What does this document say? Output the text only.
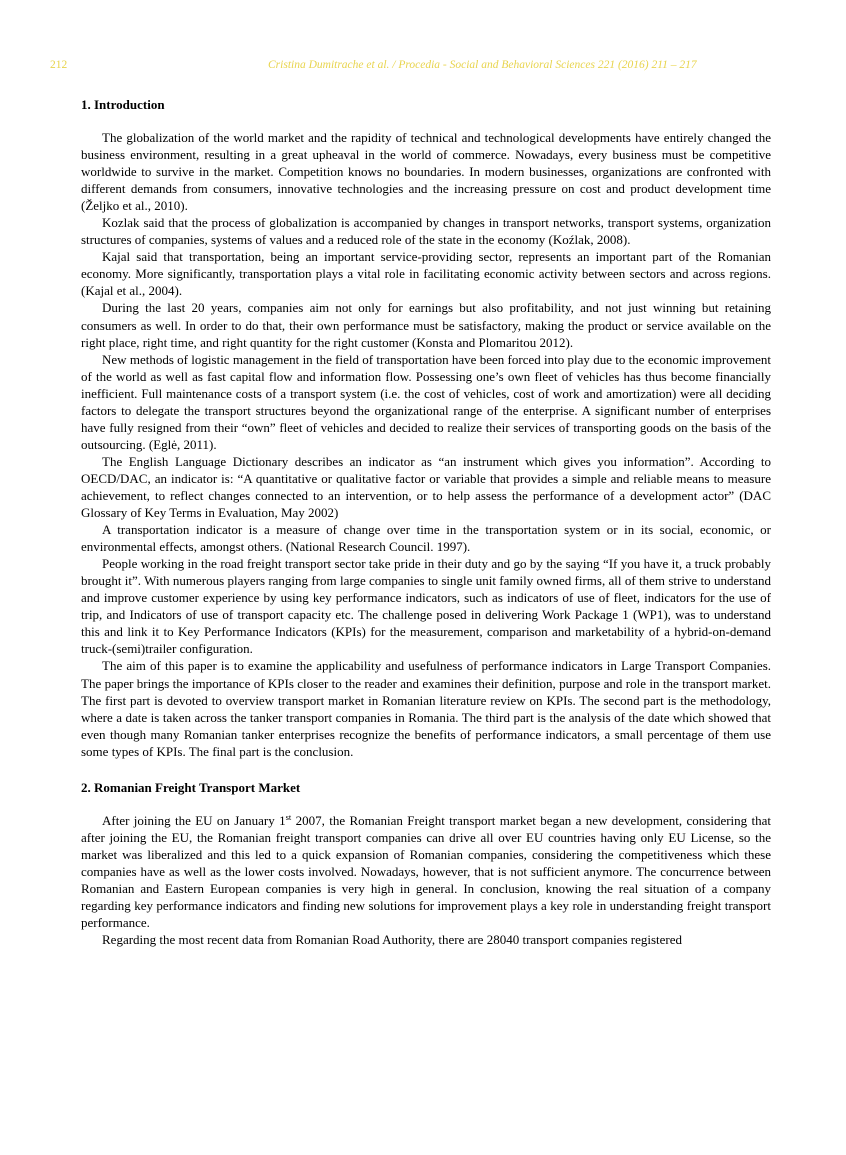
212	Cristina Dumitrache et al. / Procedia - Social and Behavioral Sciences 221 (2016) 211 – 217
1. Introduction

The globalization of the world market and the rapidity of technical and technological developments have entirely changed the business environment, resulting in a great upheaval in the world of commerce. Nowadays, every business must be competitive worldwide to survive in the market. Competition knows no boundaries. In modern businesses, organizations are confronted with different demands from consumers, innovative technologies and the increasing pressure on cost and product development time (Željko et al., 2010).

Kozlak said that the process of globalization is accompanied by changes in transport networks, transport systems, organization structures of companies, systems of values and a reduced role of the state in the economy (Koźlak, 2008).

Kajal said that transportation, being an important service-providing sector, represents an important part of the Romanian economy. More significantly, transportation plays a vital role in facilitating economic activity between sectors and across regions. (Kajal et al., 2004).

During the last 20 years, companies aim not only for earnings but also profitability, and not just winning but retaining consumers as well. In order to do that, their own performance must be satisfactory, making the product or service available on the right place, right time, and right quantity for the right customer (Konsta and Plomaritou 2012).

New methods of logistic management in the field of transportation have been forced into play due to the economic improvement of the world as well as fast capital flow and information flow. Possessing one’s own fleet of vehicles has thus become financially inefficient. Full maintenance costs of a transport system (i.e. the cost of vehicles, cost of work and amortization) were all deciding factors to delegate the transport structures beyond the organizational range of the enterprise. A significant number of enterprises have fully resigned from their “own” fleet of vehicles and decided to realize their services of transporting goods on the basis of the outsourcing. (Eglė, 2011).

The English Language Dictionary describes an indicator as “an instrument which gives you information”. According to OECD/DAC, an indicator is: “A quantitative or qualitative factor or variable that provides a simple and reliable means to measure achievement, to reflect changes connected to an intervention, or to help assess the performance of a development actor” (DAC Glossary of Key Terms in Evaluation, May 2002)

A transportation indicator is a measure of change over time in the transportation system or in its social, economic, or environmental effects, amongst others. (National Research Council. 1997).

People working in the road freight transport sector take pride in their duty and go by the saying “If you have it, a truck probably brought it”. With numerous players ranging from large companies to single unit family owned firms, all of them strive to understand and improve customer experience by using key performance indicators, such as indicators of use of fleet, indicators for the use of trip, and Indicators of use of transport capacity etc. The challenge posed in delivering Work Package 1 (WP1), was to understand this and link it to Key Performance Indicators (KPIs) for the measurement, comparison and marketability of a hybrid-on-demand truck-(semi)trailer configuration.

The aim of this paper is to examine the applicability and usefulness of performance indicators in Large Transport Companies. The paper brings the importance of KPIs closer to the reader and examines their definition, purpose and role in the transport market. The first part is devoted to overview transport market in Romanian literature review on KPIs. The second part is the methodology, where a date is taken across the tanker transport companies in Romania. The third part is the analysis of the date which showed that even though many Romanian tanker enterprises recognize the benefits of performance indicators, a small percentage of them use some types of KPIs. The final part is the conclusion.

2. Romanian Freight Transport Market

After joining the EU on January 1st 2007, the Romanian Freight transport market began a new development, considering that after joining the EU, the Romanian freight transport companies can drive all over EU countries having only EU License, so the market was liberalized and this led to a quick expansion of Romanian companies, considering the competitiveness which these companies have as well as the lower costs involved. Nowadays, however, that is not sufficient anymore. The concurrence between Romanian and Eastern European companies is very high in general. In conclusion, knowing the real situation of a company regarding key performance indicators and finding new solutions for improvement plays a key role in understanding freight transport performance.

Regarding the most recent data from Romanian Road Authority, there are 28040 transport companies registered
